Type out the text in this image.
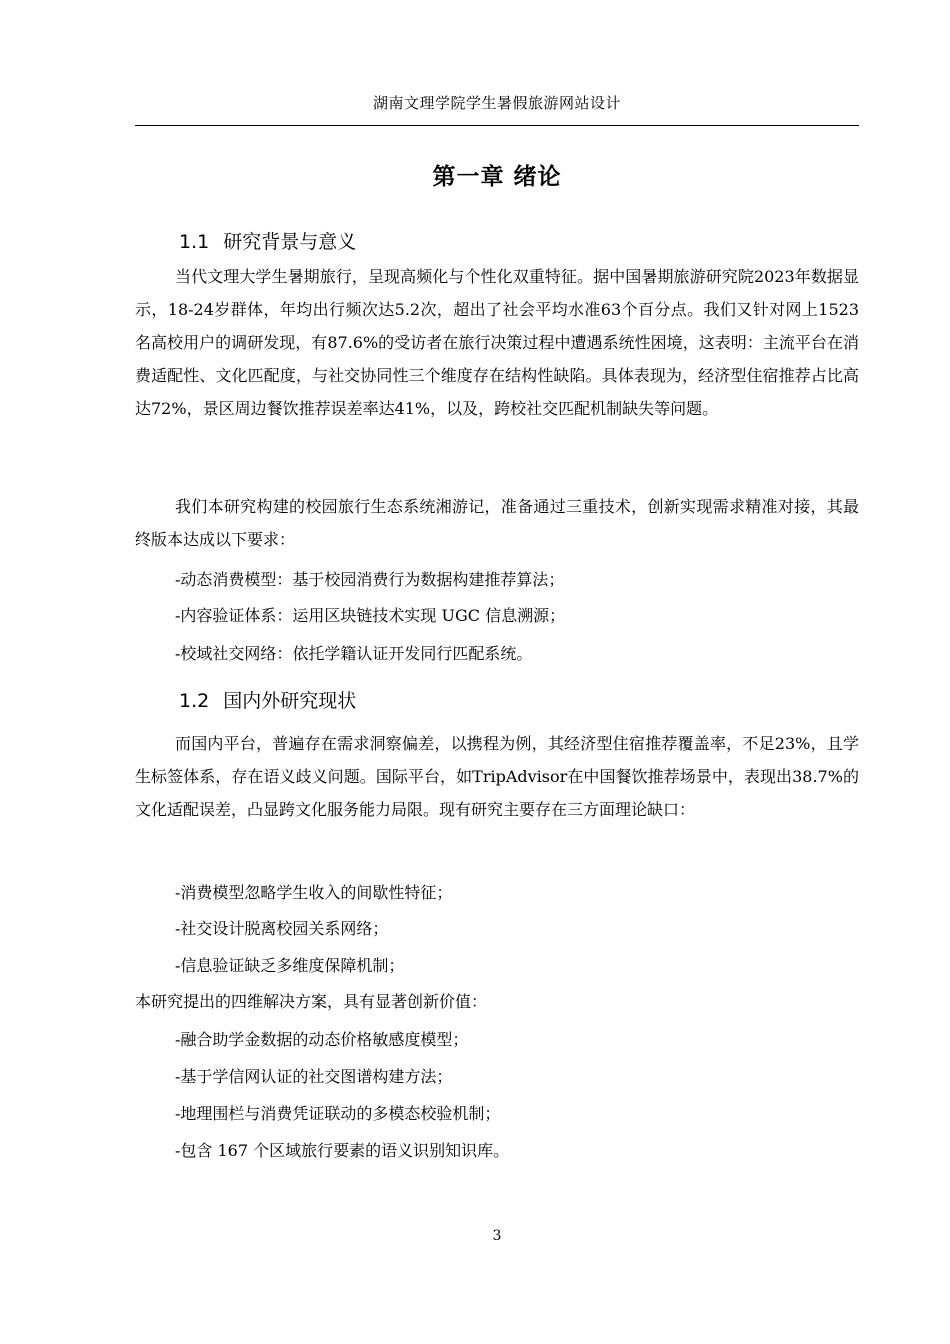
湖南文理学院学生暑假旅游网站设计
第一章 绪论
1.1 研究背景与意义
当代文理大学生暑期旅行，呈现高频化与个性化双重特征。据中国暑期旅游研究院2023年数据显示，18-24岁群体，年均出行频次达5.2次，超出了社会平均水准63个百分点。我们又针对网上1523名高校用户的调研发现，有87.6%的受访者在旅行决策过程中遭遇系统性困境，这表明：主流平台在消费适配性、文化匹配度，与社交协同性三个维度存在结构性缺陷。具体表现为，经济型住宿推荐占比高达72%，景区周边餐饮推荐误差率达41%，以及，跨校社交匹配机制缺失等问题。
我们本研究构建的校园旅行生态系统湘游记，准备通过三重技术，创新实现需求精准对接，其最终版本达成以下要求：
-动态消费模型：基于校园消费行为数据构建推荐算法；
-内容验证体系：运用区块链技术实现 UGC 信息溯源；
-校域社交网络：依托学籍认证开发同行匹配系统。
1.2 国内外研究现状
而国内平台，普遍存在需求洞察偏差，以携程为例，其经济型住宿推荐覆盖率，不足23%，且学生标签体系，存在语义歧义问题。国际平台，如TripAdvisor在中国餐饮推荐场景中，表现出38.7%的文化适配误差，凸显跨文化服务能力局限。现有研究主要存在三方面理论缺口：
-消费模型忽略学生收入的间歇性特征；
-社交设计脱离校园关系网络；
-信息验证缺乏多维度保障机制；
本研究提出的四维解决方案，具有显著创新价值：
-融合助学金数据的动态价格敏感度模型；
-基于学信网认证的社交图谱构建方法；
-地理围栏与消费凭证联动的多模态校验机制；
-包含 167 个区域旅行要素的语义识别知识库。
3
